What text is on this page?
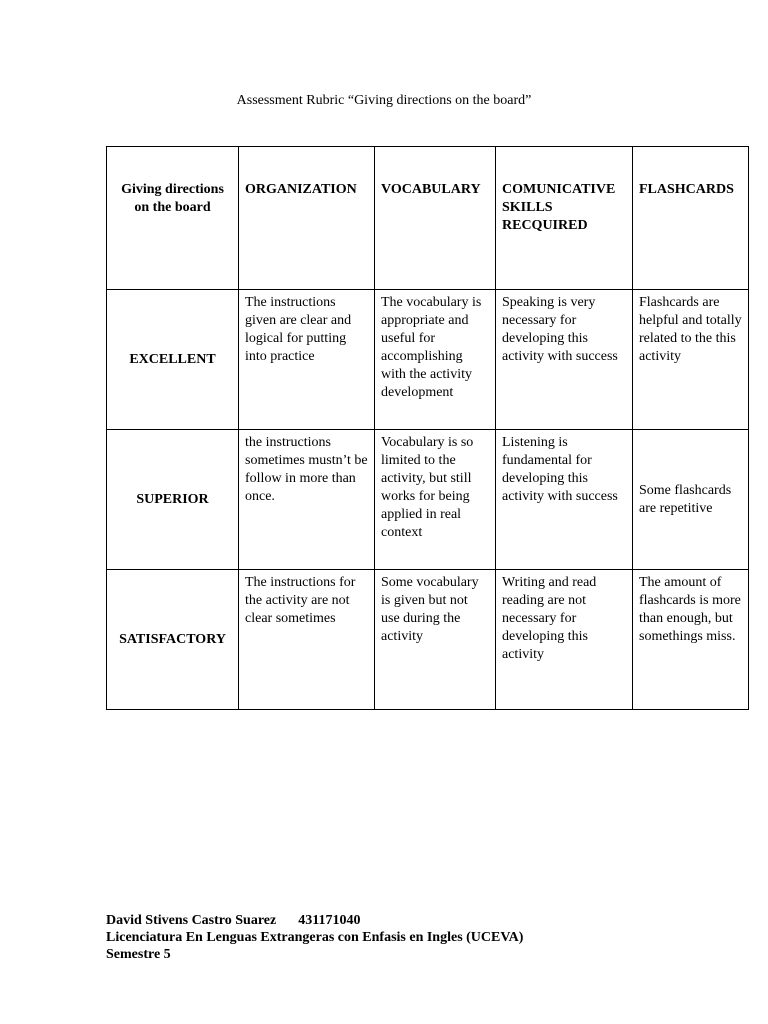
Assessment Rubric “Giving directions on the board”
Giving directions on the board	ORGANIZATION	VOCABULARY	COMUNICATIVE SKILLS RECQUIRED	FLASHCARDS
EXCELLENT	The instructions given are clear and logical for putting into practice	The vocabulary is appropriate and useful for accomplishing with the activity development	Speaking is very necessary for developing this activity with success	Flashcards are helpful and totally related to the this activity
SUPERIOR	the instructions sometimes mustn’t be follow in more than once.	Vocabulary is so limited to the activity, but still works for being applied in real context	Listening is fundamental for developing this activity with success	Some flashcards are repetitive
SATISFACTORY	The instructions for the activity are not clear sometimes	Some vocabulary is given but not use during the activity	Writing and read reading are not necessary for developing this activity	The amount of flashcards is more than enough, but somethings miss.
David Stivens Castro Suarez 431171040
Licenciatura En Lenguas Extrangeras con Enfasis en Ingles (UCEVA)
Semestre 5
